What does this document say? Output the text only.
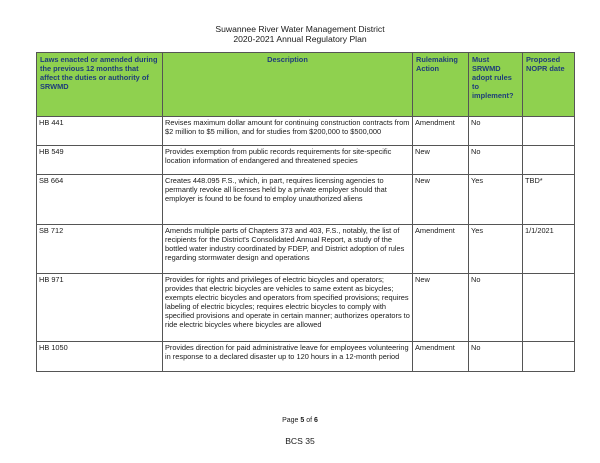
Suwannee River Water Management District
2020-2021 Annual Regulatory Plan
Laws enacted or amended during the previous 12 months that affect the duties or authority of SRWMD	Description	Rulemaking Action	Must SRWMD adopt rules to implement?	Proposed NOPR date
HB 441	Revises maximum dollar amount for continuing construction contracts from $2 million to $5 million, and for studies from $200,000 to $500,000	Amendment	No	
HB 549	Provides exemption from public records requirements for site-specific location information of endangered and threatened species	New	No	
SB 664	Creates 448.095 F.S., which, in part, requires licensing agencies to permantly revoke all licenses held by a private employer should that employer is found to be found to employ unauthorized aliens	New	Yes	TBD*
SB 712	Amends multiple parts of Chapters 373 and 403, F.S., notably, the list of recipients for the District's Consolidated Annual Report, a study of the bottled water industry coordinated by FDEP, and District adoption of rules regarding stormwater design and operations	Amendment	Yes	1/1/2021
HB 971	Provides for rights and privileges of electric bicycles and operators; provides that electric bicycles are vehicles to same extent as bicycles; exempts electric bicycles and operators from specified provisions; requires labeling of electric bicycles; requires electric bicycles to comply with specified provisions and operate in certain manner; authorizes operators to ride electric bicycles where bicycles are allowed	New	No	
HB 1050	Provides direction for paid administrative leave for employees volunteering in response to a declared disaster up to 120 hours in a 12-month period	Amendment	No	
Page 5 of 6
BCS 35
